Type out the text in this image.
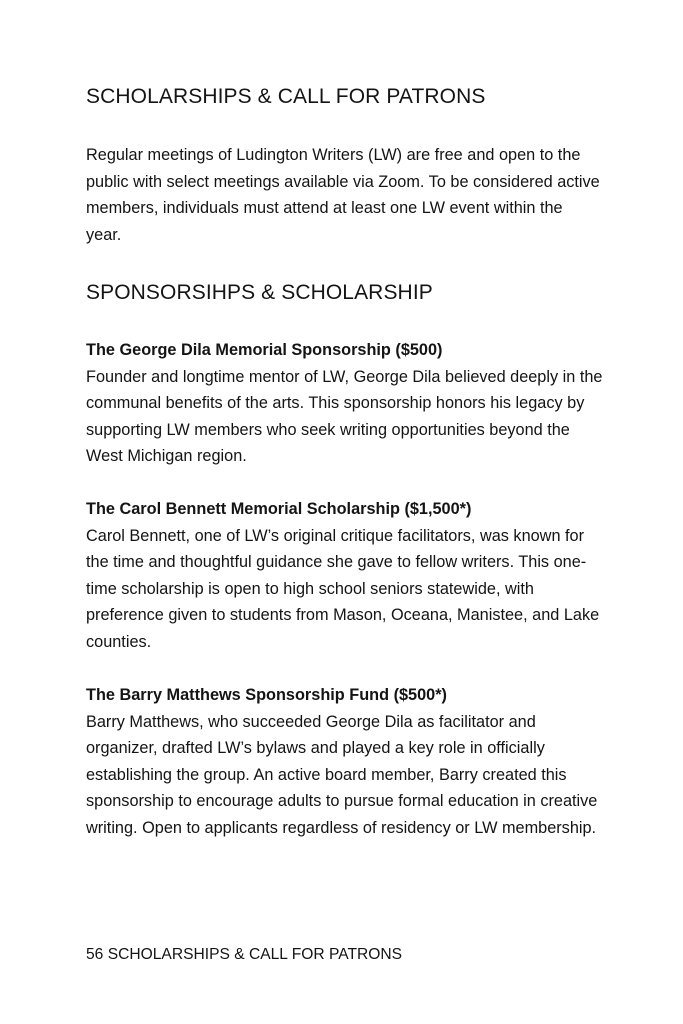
SCHOLARSHIPS & CALL FOR PATRONS

Regular meetings of Ludington Writers (LW) are free and open to the public with select meetings available via Zoom. To be considered active members, individuals must attend at least one LW event within the year.

SPONSORSIHPS & SCHOLARSHIP

The George Dila Memorial Sponsorship ($500)

Founder and longtime mentor of LW, George Dila believed deeply in the communal benefits of the arts. This sponsorship honors his legacy by supporting LW members who seek writing opportunities beyond the West Michigan region.

The Carol Bennett Memorial Scholarship ($1,500*)

Carol Bennett, one of LW’s original critique facilitators, was known for the time and thoughtful guidance she gave to fellow writers. This one-time scholarship is open to high school seniors statewide, with preference given to students from Mason, Oceana, Manistee, and Lake counties.

The Barry Matthews Sponsorship Fund ($500*)

Barry Matthews, who succeeded George Dila as facilitator and organizer, drafted LW’s bylaws and played a key role in officially establishing the group. An active board member, Barry created this sponsorship to encourage adults to pursue formal education in creative writing. Open to applicants regardless of residency or LW membership.

56 SCHOLARSHIPS & CALL FOR PATRONS
